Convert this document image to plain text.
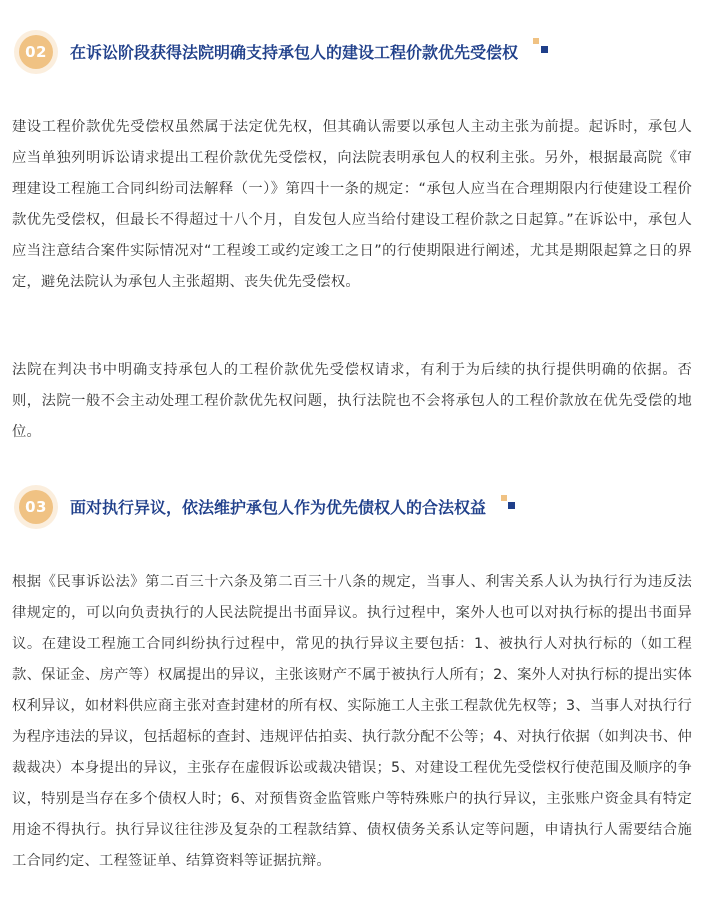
02	在诉讼阶段获得法院明确支持承包人的建设工程价款优先受偿权

建设工程价款优先受偿权虽然属于法定优先权，但其确认需要以承包人主动主张为前提。起诉时，承包人应当单独列明诉讼请求提出工程价款优先受偿权，向法院表明承包人的权利主张。另外，根据最高院《审理建设工程施工合同纠纷司法解释（一）》第四十一条的规定：“承包人应当在合理期限内行使建设工程价款优先受偿权，但最长不得超过十八个月，自发包人应当给付建设工程价款之日起算。”在诉讼中，承包人应当注意结合案件实际情况对“工程竣工或约定竣工之日”的行使期限进行阐述，尤其是期限起算之日的界定，避免法院认为承包人主张超期、丧失优先受偿权。

法院在判决书中明确支持承包人的工程价款优先受偿权请求，有利于为后续的执行提供明确的依据。否则，法院一般不会主动处理工程价款优先权问题，执行法院也不会将承包人的工程价款放在优先受偿的地位。

03	面对执行异议，依法维护承包人作为优先债权人的合法权益

根据《民事诉讼法》第二百三十六条及第二百三十八条的规定，当事人、利害关系人认为执行行为违反法律规定的，可以向负责执行的人民法院提出书面异议。执行过程中，案外人也可以对执行标的提出书面异议。在建设工程施工合同纠纷执行过程中，常见的执行异议主要包括：1、被执行人对执行标的（如工程款、保证金、房产等）权属提出的异议，主张该财产不属于被执行人所有；2、案外人对执行标的提出实体权利异议，如材料供应商主张对查封建材的所有权、实际施工人主张工程款优先权等；3、当事人对执行行为程序违法的异议，包括超标的查封、违规评估拍卖、执行款分配不公等；4、对执行依据（如判决书、仲裁裁决）本身提出的异议，主张存在虚假诉讼或裁决错误；5、对建设工程优先受偿权行使范围及顺序的争议，特别是当存在多个债权人时；6、对预售资金监管账户等特殊账户的执行异议，主张账户资金具有特定用途不得执行。执行异议往往涉及复杂的工程款结算、债权债务关系认定等问题，申请执行人需要结合施工合同约定、工程签证单、结算资料等证据抗辩。
